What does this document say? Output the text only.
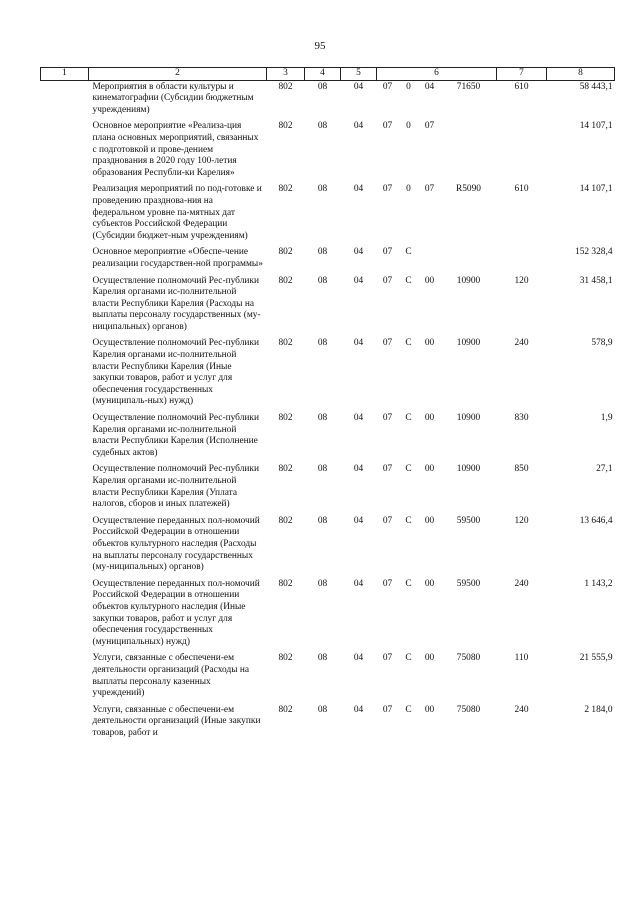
95
1	2	3	4	5	6				7	8
	Мероприятия в области культуры и кинематографии (Субсидии бюджетным учреждениям)	802	08	04	07	0	04	71650	610	58 443,1
	Основное мероприятие «Реализа-ция плана основных мероприятий, связанных с подготовкой и прове-дением празднования в 2020 году 100-летия образования Республи-ки Карелия»	802	08	04	07	0	07			14 107,1
	Реализация мероприятий по под-готовке и проведению празднова-ния на федеральном уровне па-мятных дат субъектов Российской Федерации (Субсидии бюджет-ным учреждениям)	802	08	04	07	0	07	R5090	610	14 107,1
	Основное мероприятие «Обеспе-чение реализации государствен-ной программы»	802	08	04	07	С				152 328,4
	Осуществление полномочий Рес-публики Карелия органами ис-полнительной власти Республики Карелия (Расходы на выплаты персоналу государственных (му-ниципальных) органов)	802	08	04	07	С	00	10900	120	31 458,1
	Осуществление полномочий Рес-публики Карелия органами ис-полнительной власти Республики Карелия (Иные закупки товаров, работ и услуг для обеспечения государственных (муниципаль-ных) нужд)	802	08	04	07	С	00	10900	240	578,9
	Осуществление полномочий Рес-публики Карелия органами ис-полнительной власти Республики Карелия (Исполнение судебных актов)	802	08	04	07	С	00	10900	830	1,9
	Осуществление полномочий Рес-публики Карелия органами ис-полнительной власти Республики Карелия (Уплата налогов, сборов и иных платежей)	802	08	04	07	С	00	10900	850	27,1
	Осуществление переданных пол-номочий Российской Федерации в отношении объектов культурного наследия (Расходы на выплаты персоналу государственных (му-ниципальных) органов)	802	08	04	07	С	00	59500	120	13 646,4
	Осуществление переданных пол-номочий Российской Федерации в отношении объектов культурного наследия (Иные закупки товаров, работ и услуг для обеспечения государственных (муниципальных) нужд)	802	08	04	07	С	00	59500	240	1 143,2
	Услуги, связанные с обеспечени-ем деятельности организаций (Расходы на выплаты персоналу казенных учреждений)	802	08	04	07	С	00	75080	110	21 555,9
	Услуги, связанные с обеспечени-ем деятельности организаций (Иные закупки товаров, работ и	802	08	04	07	С	00	75080	240	2 184,0
